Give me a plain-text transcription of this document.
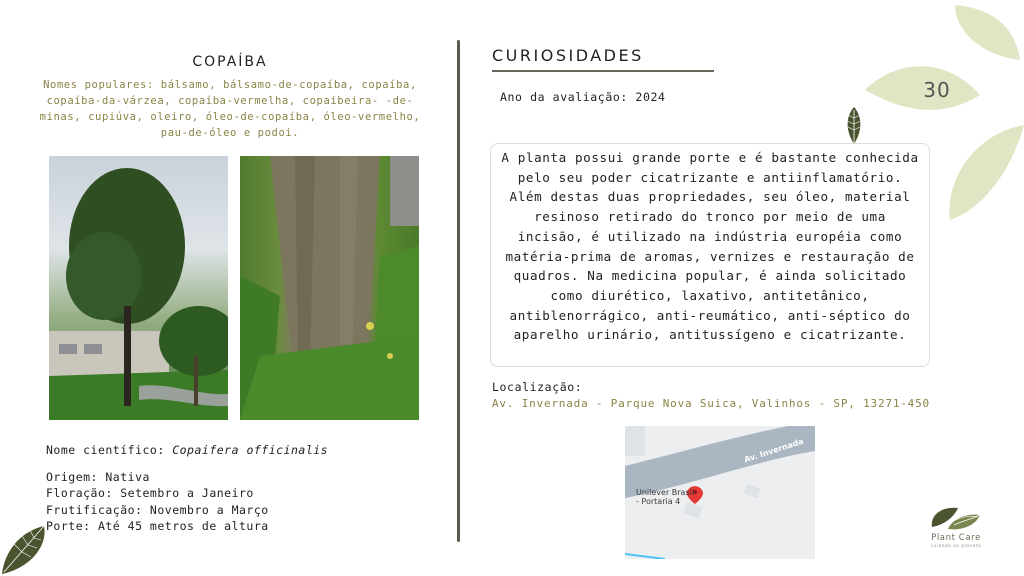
COPAÍBA
Nomes populares: bálsamo, bálsamo-de-copaíba, copaíba, copaíba-da-várzea, copaíba-vermelha, copaibeira- -de-minas, cupiúva, oleiro, óleo-de-copaíba, óleo-vermelho, pau-de-óleo e podoi.
Nome científico: Copaifera officinalis
Origem: Nativa
Floração: Setembro a Janeiro
Frutificação: Novembro a Março
Porte: Até 45 metros de altura
CURIOSIDADES
Ano da avaliação: 2024
A planta possui grande porte e é bastante conhecida pelo seu poder cicatrizante e antiinflamatório. Além destas duas propriedades, seu óleo, material resinoso retirado do tronco por meio de uma incisão, é utilizado na indústria européia como matéria-prima de aromas, vernizes e restauração de quadros. Na medicina popular, é ainda solicitado como diurético, laxativo, antitetânico, antiblenorrágico, anti-reumático, anti-séptico do aparelho urinário, antitussígeno e cicatrizante.
Localização:
Av. Invernada - Parque Nova Suica, Valinhos - SP, 13271-450
Av. Invernada
Unilever Brasil
- Portaria 4
30
Plant Care
cuidado ao planeta
